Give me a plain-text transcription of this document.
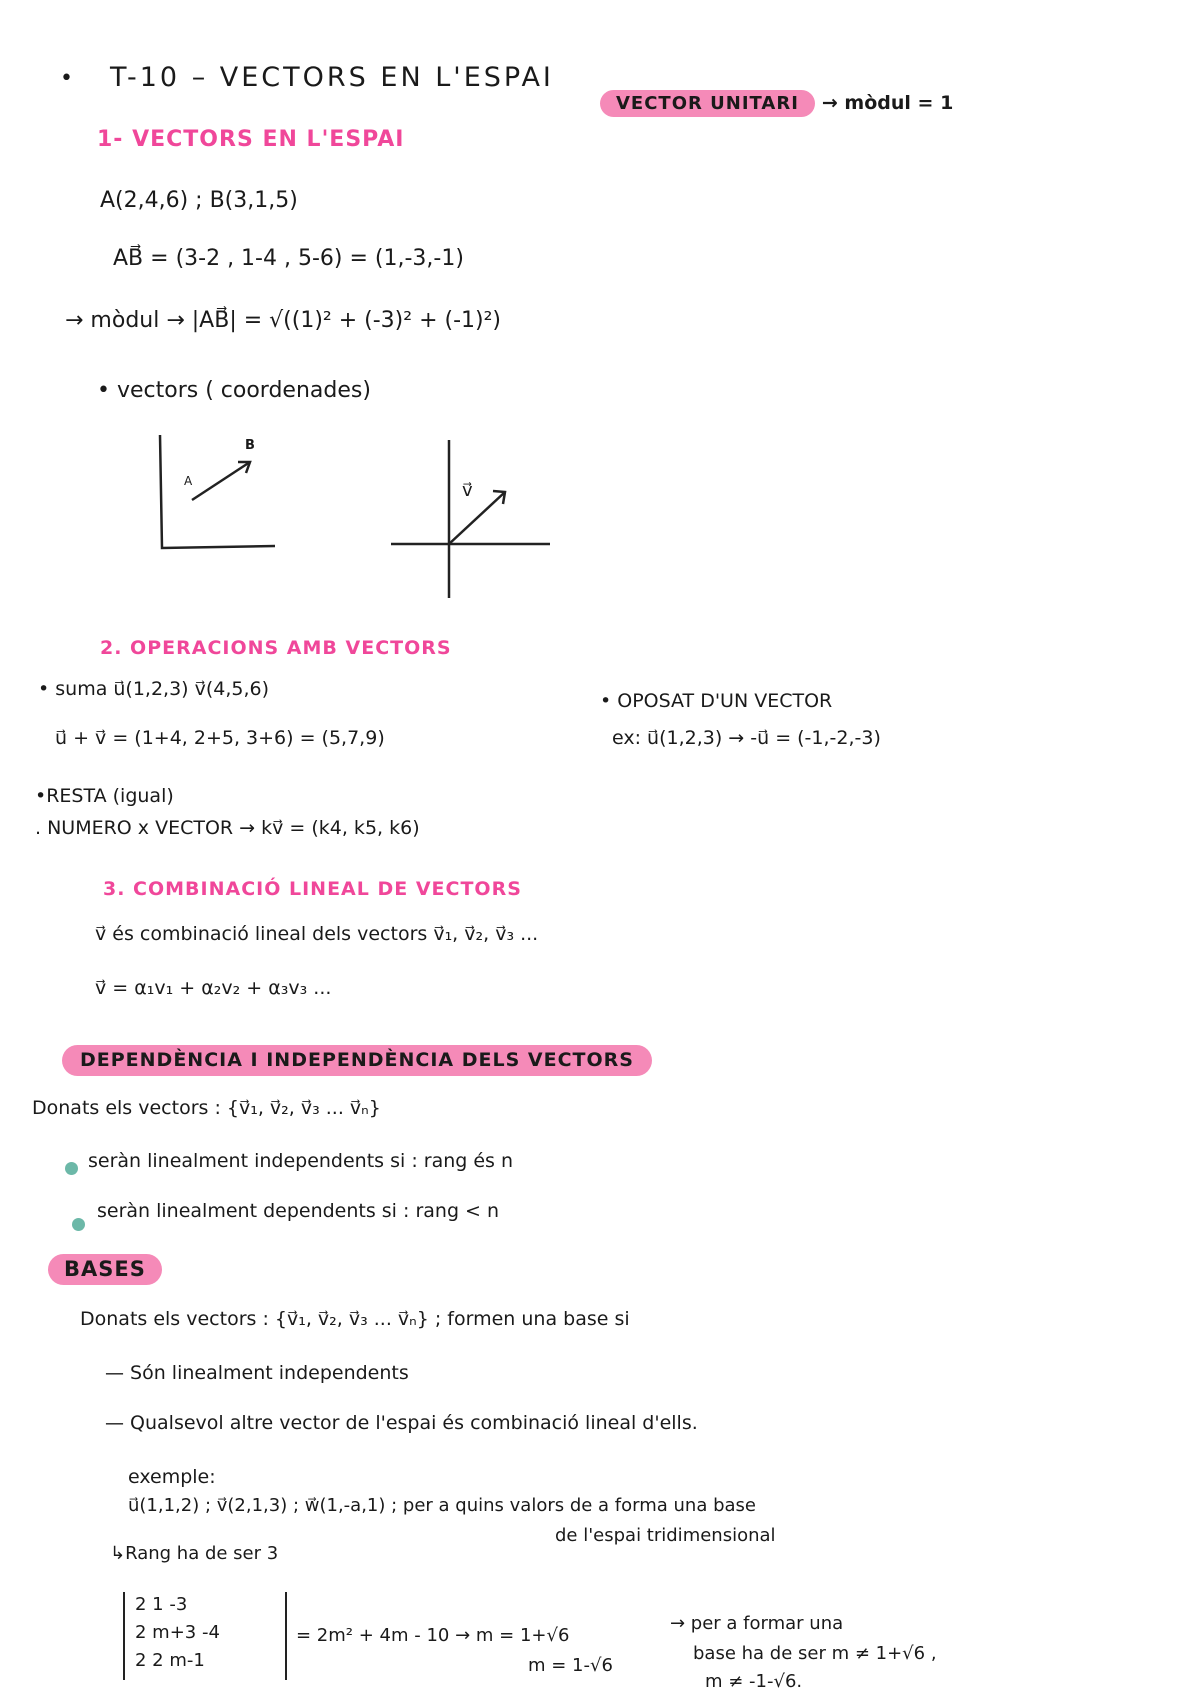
• T-10 – VECTORS EN L'ESPAI
VECTOR UNITARI → mòdul = 1
1- VECTORS EN L'ESPAI
A(2,4,6) ; B(3,1,5)
AB⃗ = (3-2 , 1-4 , 5-6) = (1,-3,-1)
→ mòdul → |AB⃗| = √((1)² + (-3)² + (-1)²)
• vectors ( coordenades)
A
B
v⃗
2. OPERACIONS AMB VECTORS
• suma u⃗(1,2,3) v⃗(4,5,6)
u⃗ + v⃗ = (1+4, 2+5, 3+6) = (5,7,9)
• OPOSAT D'UN VECTOR
ex: u⃗(1,2,3) → -u⃗ = (-1,-2,-3)
•RESTA (igual)
. NUMERO x VECTOR → kv⃗ = (k4, k5, k6)
3. COMBINACIÓ LINEAL DE VECTORS
v⃗ és combinació lineal dels vectors v⃗₁, v⃗₂, v⃗₃ ...
v⃗ = α₁v₁ + α₂v₂ + α₃v₃ ...
DEPENDÈNCIA I INDEPENDÈNCIA DELS VECTORS
Donats els vectors : {v⃗₁, v⃗₂, v⃗₃ ... v⃗ₙ}
seràn linealment independents si : rang és n
seràn linealment dependents si : rang < n
BASES
Donats els vectors : {v⃗₁, v⃗₂, v⃗₃ ... v⃗ₙ} ; formen una base si
— Són linealment independents
— Qualsevol altre vector de l'espai és combinació lineal d'ells.
exemple:
u⃗(1,1,2) ; v⃗(2,1,3) ; w⃗(1,-a,1) ; per a quins valors de a forma una base
de l'espai tridimensional
↳Rang ha de ser 3
2 1 -3
2 m+3 -4
2 2 m-1
= 2m² + 4m - 10 → m = 1+√6
m = 1-√6
→ per a formar una
base ha de ser m ≠ 1+√6 ,
m ≠ -1-√6.
